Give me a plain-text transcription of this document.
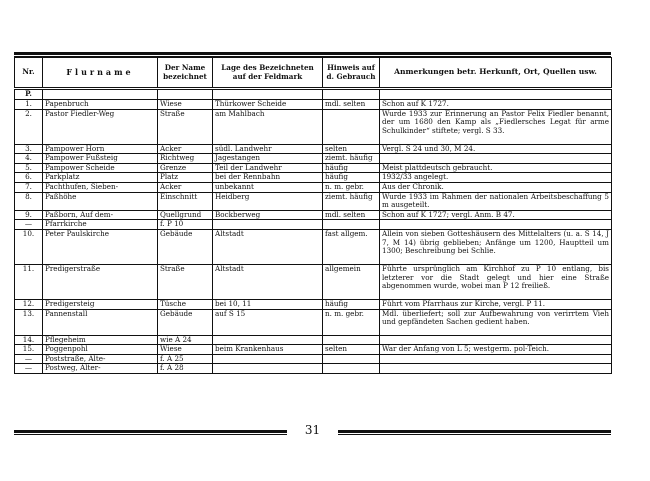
Nr.	Flurname	Der Name bezeichnet	Lage des Bezeichneten auf der Feldmark	Hinweis auf d. Gebrauch	Anmerkungen betr. Herkunft, Ort, Quellen usw.
P.					
1.	Papenbruch	Wiese	Thürkower Scheide	mdl. selten	Schon auf K 1727.
2.	Pastor Fiedler-Weg	Straße	am Mahlbach		Wurde 1933 zur Erinnerung an Pastor Felix Fiedler benannt, der um 1680 den Kamp als „Fiedlersches Legat für arme Schulkinder“ stiftete; vergl. S 33.
3.	Pampower Horn	Acker	südl. Landwehr	selten	Vergl. S 24 und 30, M 24.
4.	Pampower Fußsteig	Richtweg	Jagestangen	ziemt. häufig	
5.	Pampower Scheide	Grenze	Teil der Landwehr	häufig	Meist plattdeutsch gebraucht.
6.	Parkplatz	Platz	bei der Rennbahn	häufig	1932/33 angelegt.
7.	Pachthufen, Sieben-	Acker	unbekannt	n. m. gebr.	Aus der Chronik.
8.	Paßhöhe	Einschnitt	Heidberg	ziemt. häufig	Wurde 1933 im Rahmen der nationalen Arbeitsbeschaffung 5 m ausgeteilt.
9.	Paßborn, Auf dem-	Quellgrund	Bockberweg	mdl. selten	Schon auf K 1727; vergl. Anm. B 47.
—	Pfarrkirche	f. P 10			
10.	Peter Paulskirche	Gebäude	Altstadt	fast allgem.	Allein von sieben Gotteshäusern des Mittelalters (u. a. S 14, J 7, M 14) übrig geblieben; Anfänge um 1200, Hauptteil um 1300; Beschreibung bei Schlie.
11.	Predigerstraße	Straße	Altstadt	allgemein	Führte ursprünglich am Kirchhof zu P 10 entlang, bis letzterer vor die Stadt gelegt und hier eine Straße abgenommen wurde, wobei man P 12 freiließ.
12.	Predigersteig	Tüsche	bei 10, 11	häufig	Führt vom Pfarrhaus zur Kirche, vergl. P 11.
13.	Pannenstall	Gebäude	auf S 15	n. m. gebr.	Mdl. überliefert; soll zur Aufbewahrung von verirrtem Vieh und gepfändeten Sachen gedient haben.
14.	Pflegeheim	wie A 24			
15.	Poggenpohl	Wiese	beim Krankenhaus	selten	War der Anfang von L 5; westgerm. pol-Teich.
—	Poststraße, Alte-	f. A 25			
—	Postweg, Alter-	f. A 28			
31
